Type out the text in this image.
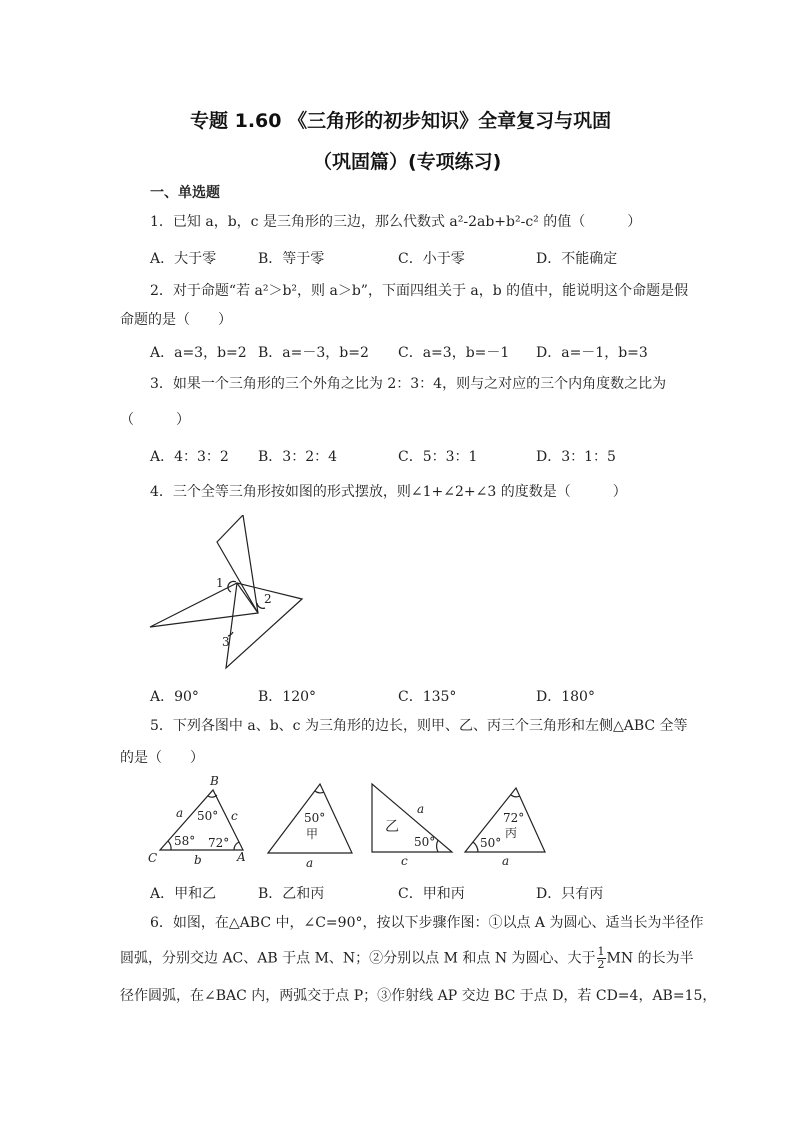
专题 1.60 《三角形的初步知识》全章复习与巩固
（巩固篇）(专项练习)
一、单选题
1．已知 a，b，c 是三角形的三边，那么代数式 a²-2ab+b²-c² 的值（　　　）
A．大于零	B．等于零	C．小于零	D．不能确定
2．对于命题“若 a²＞b²，则 a＞b”，下面四组关于 a，b 的值中，能说明这个命题是假
命题的是（　　）
A．a=3，b=2 B．a=－3，b=2 C．a=3，b=－1 D．a=－1，b=3
3．如果一个三角形的三个外角之比为 2：3：4，则与之对应的三个内角度数之比为
（　　　）
A．4：3：2 B．3：2：4	C．5：3：1	D．3：1：5
4．三个全等三角形按如图的形式摆放，则∠1+∠2+∠3 的度数是（　　　）
1
2
3
A．90°	B．120°	C．135°	D．180°
5．下列各图中 a、b、c 为三角形的边长，则甲、乙、丙三个三角形和左侧△ABC 全等
的是（　　）
B
C	A
a	c
b
50°
58° 72°
50°
甲
a
乙
a
50°
c
72°
丙
50°
a
A．甲和乙	B．乙和丙	C．甲和丙	D．只有丙
6．如图，在△ABC 中，∠C=90°，按以下步骤作图：①以点 A 为圆心、适当长为半径作
圆弧，分别交边 AC、AB 于点 M、N；②分别以点 M 和点 N 为圆心、大于 $\frac{1}{2}$ MN 的长为半
径作圆弧，在∠BAC 内，两弧交于点 P；③作射线 AP 交边 BC 于点 D，若 CD=4，AB=15，
